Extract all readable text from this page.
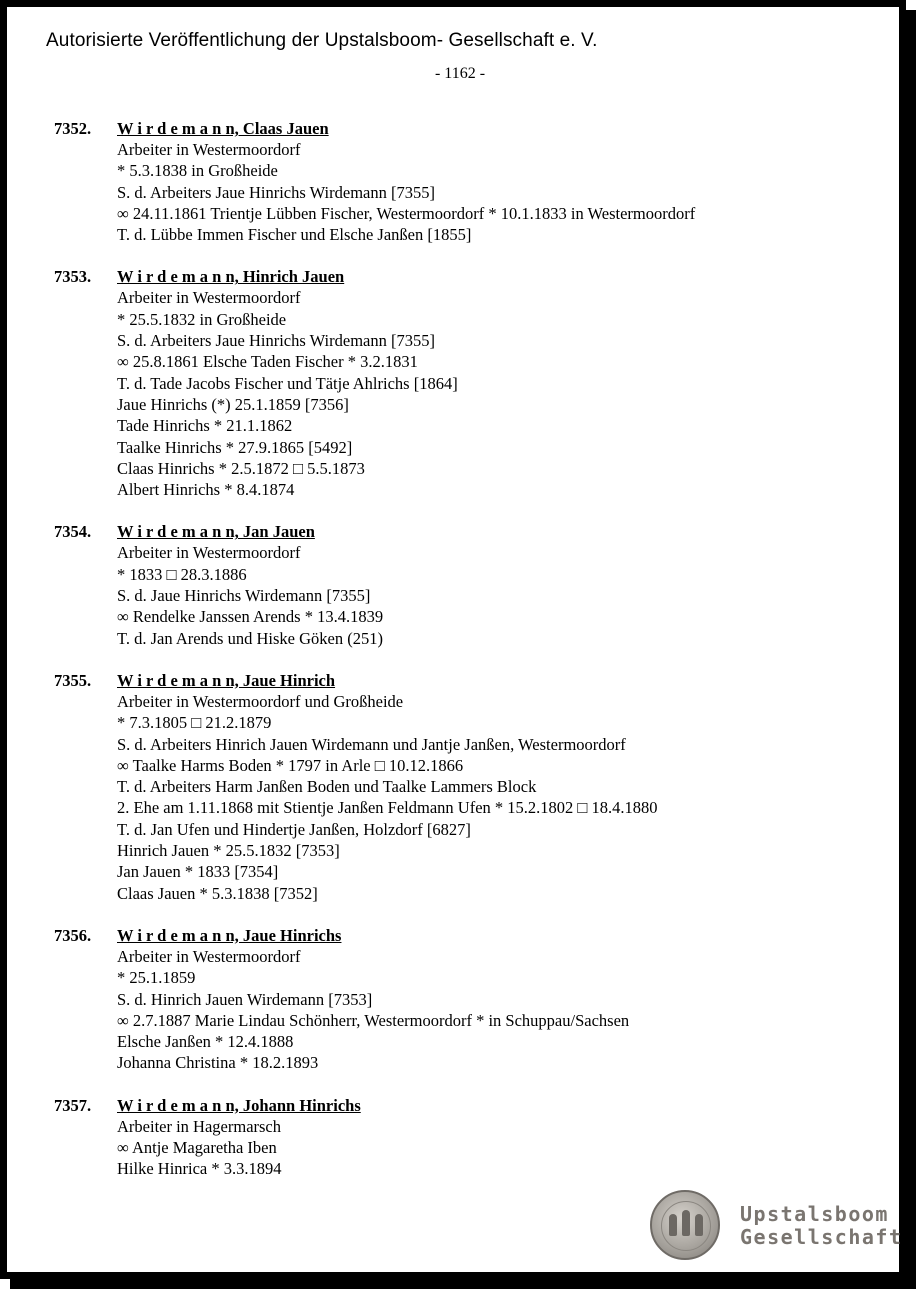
Autorisierte Veröffentlichung der Upstalsboom- Gesellschaft e. V.
- 1162 -
7352. W i r d e m a n n, Claas Jauen
Arbeiter in Westermoordorf
* 5.3.1838 in Großheide
S. d. Arbeiters Jaue Hinrichs Wirdemann [7355]
∞ 24.11.1861 Trientje Lübben Fischer, Westermoordorf * 10.1.1833 in Westermoordorf
T. d. Lübbe Immen Fischer und Elsche Janßen [1855]
7353. W i r d e m a n n, Hinrich Jauen
Arbeiter in Westermoordorf
* 25.5.1832 in Großheide
S. d. Arbeiters Jaue Hinrichs Wirdemann [7355]
∞ 25.8.1861 Elsche Taden Fischer * 3.2.1831
T. d. Tade Jacobs Fischer und Tätje Ahlrichs [1864]
Jaue Hinrichs (*) 25.1.1859 [7356]
Tade Hinrichs * 21.1.1862
Taalke Hinrichs * 27.9.1865 [5492]
Claas Hinrichs * 2.5.1872 □ 5.5.1873
Albert Hinrichs * 8.4.1874
7354. W i r d e m a n n, Jan Jauen
Arbeiter in Westermoordorf
* 1833 □ 28.3.1886
S. d. Jaue Hinrichs Wirdemann [7355]
∞ Rendelke Janssen Arends * 13.4.1839
T. d. Jan Arends und Hiske Göken (251)
7355. W i r d e m a n n, Jaue Hinrich
Arbeiter in Westermoordorf und Großheide
* 7.3.1805 □ 21.2.1879
S. d. Arbeiters Hinrich Jauen Wirdemann und Jantje Janßen, Westermoordorf
∞ Taalke Harms Boden * 1797 in Arle □ 10.12.1866
T. d. Arbeiters Harm Janßen Boden und Taalke Lammers Block
2. Ehe am 1.11.1868 mit Stientje Janßen Feldmann Ufen * 15.2.1802 □ 18.4.1880
T. d. Jan Ufen und Hindertje Janßen, Holzdorf [6827]
Hinrich Jauen * 25.5.1832 [7353]
Jan Jauen * 1833 [7354]
Claas Jauen * 5.3.1838 [7352]
7356. W i r d e m a n n, Jaue Hinrichs
Arbeiter in Westermoordorf
* 25.1.1859
S. d. Hinrich Jauen Wirdemann [7353]
∞ 2.7.1887 Marie Lindau Schönherr, Westermoordorf * in Schuppau/Sachsen
Elsche Janßen * 12.4.1888
Johanna Christina * 18.2.1893
7357. W i r d e m a n n, Johann Hinrichs
Arbeiter in Hagermarsch
∞ Antje Magaretha Iben
Hilke Hinrica * 3.3.1894
Upstalsboom
Gesellschaft
